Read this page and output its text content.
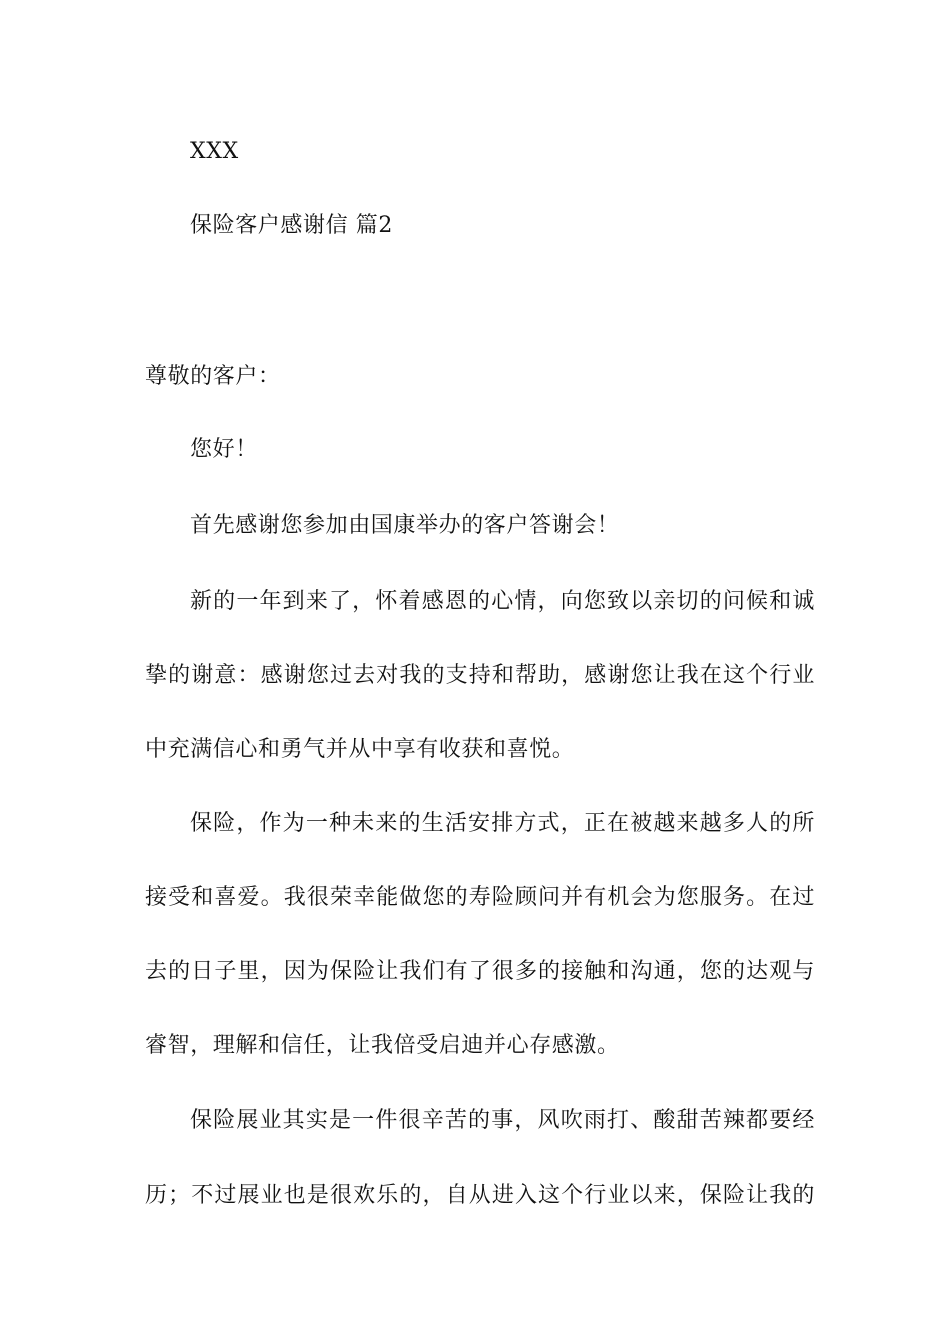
XXX
保险客户感谢信 篇2
尊敬的客户：
您好！
首先感谢您参加由国康举办的客户答谢会！
新的一年到来了，怀着感恩的心情，向您致以亲切的问候和诚
挚的谢意：感谢您过去对我的支持和帮助，感谢您让我在这个行业
中充满信心和勇气并从中享有收获和喜悦。
保险，作为一种未来的生活安排方式，正在被越来越多人的所
接受和喜爱。我很荣幸能做您的寿险顾问并有机会为您服务。在过
去的日子里，因为保险让我们有了很多的接触和沟通，您的达观与
睿智，理解和信任，让我倍受启迪并心存感激。
保险展业其实是一件很辛苦的事，风吹雨打、酸甜苦辣都要经
历；不过展业也是很欢乐的，自从进入这个行业以来，保险让我的
